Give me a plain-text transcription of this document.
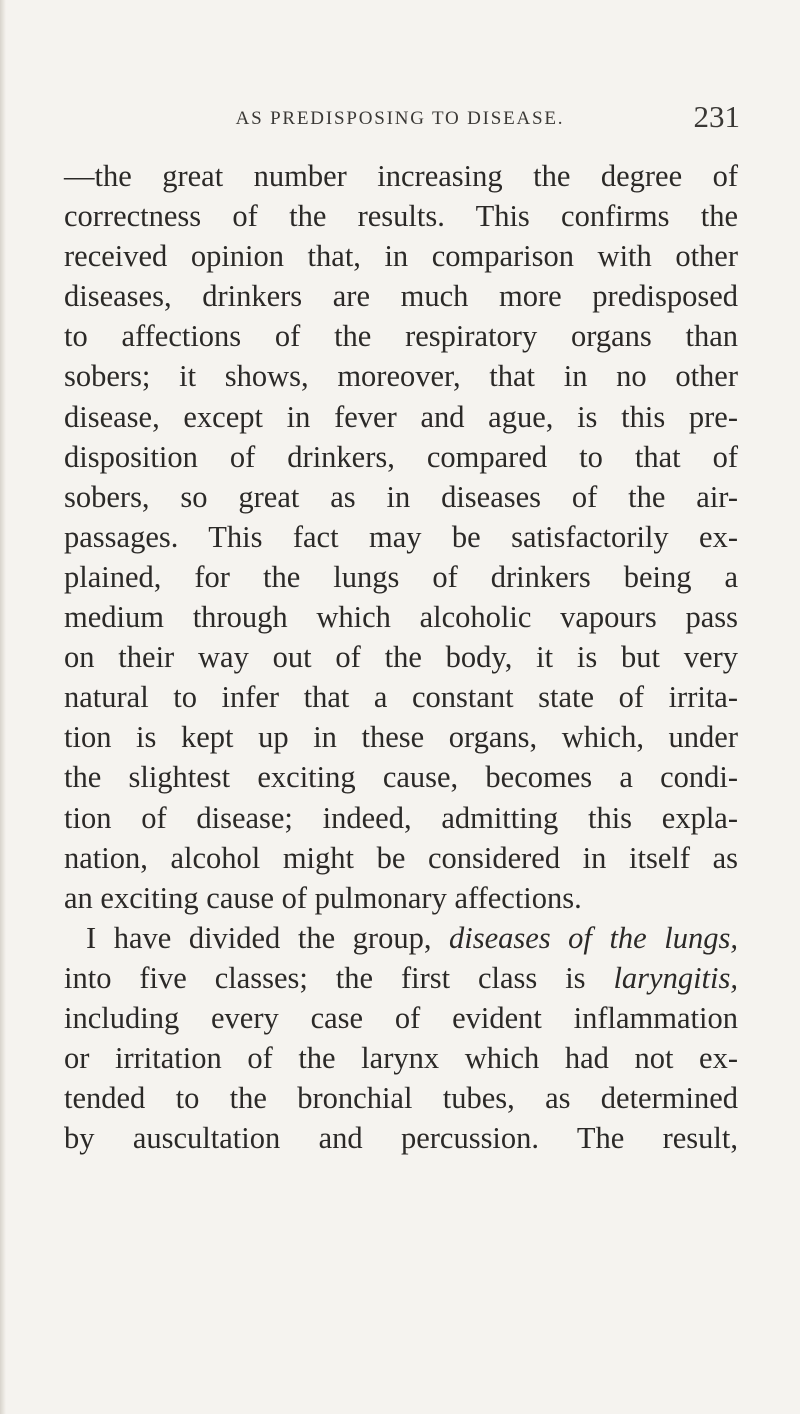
AS PREDISPOSING TO DISEASE.	231
—the great number increasing the degree of
correctness of the results. This confirms the
received opinion that, in comparison with other
diseases, drinkers are much more predisposed
to affections of the respiratory organs than
sobers; it shows, moreover, that in no other
disease, except in fever and ague, is this pre-
disposition of drinkers, compared to that of
sobers, so great as in diseases of the air-
passages. This fact may be satisfactorily ex-
plained, for the lungs of drinkers being a
medium through which alcoholic vapours pass
on their way out of the body, it is but very
natural to infer that a constant state of irrita-
tion is kept up in these organs, which, under
the slightest exciting cause, becomes a condi-
tion of disease; indeed, admitting this expla-
nation, alcohol might be considered in itself as
an exciting cause of pulmonary affections.
I have divided the group, diseases of the lungs,
into five classes; the first class is laryngitis,
including every case of evident inflammation
or irritation of the larynx which had not ex-
tended to the bronchial tubes, as determined
by auscultation and percussion. The result,
